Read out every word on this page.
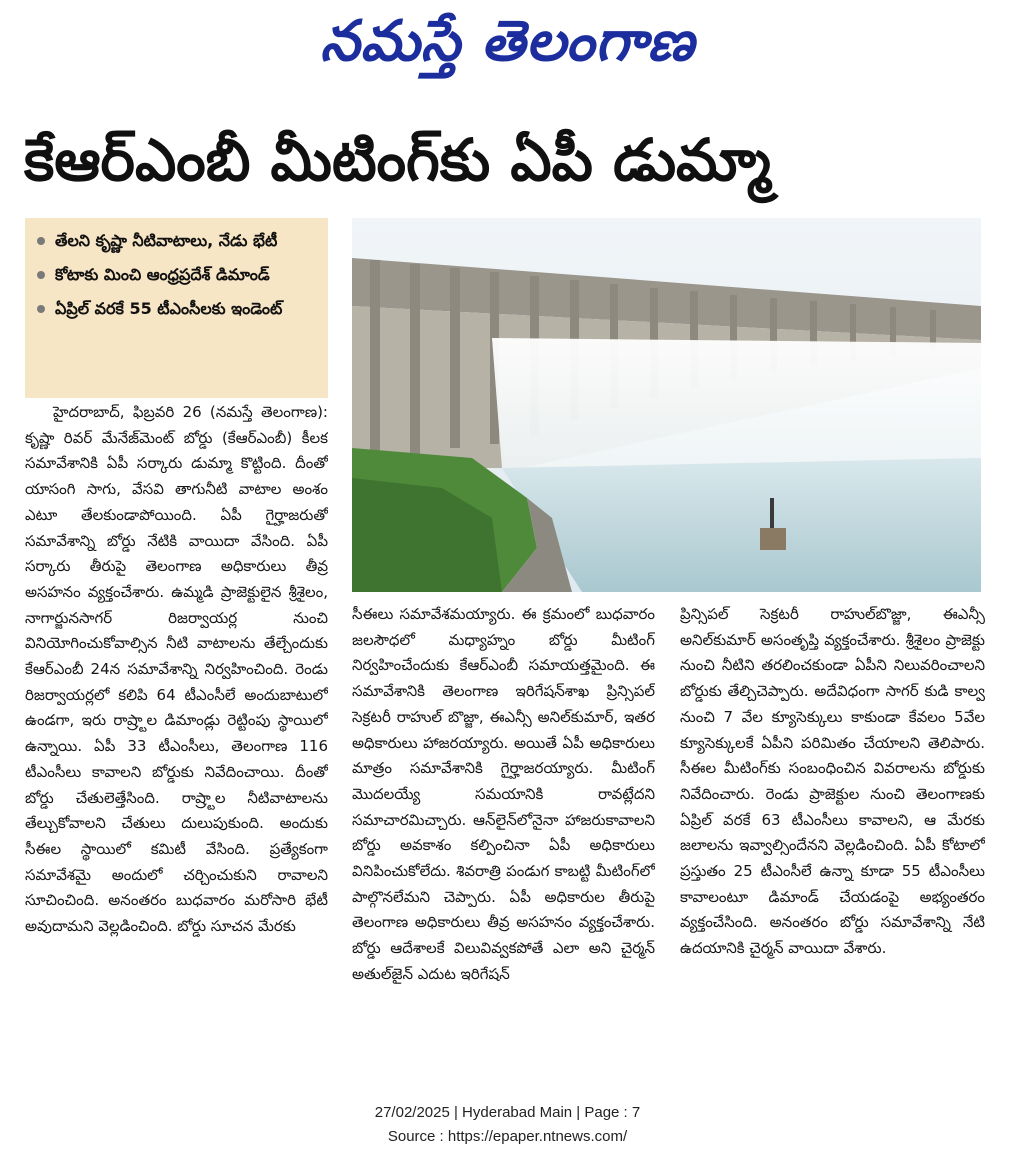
నమస్తే తెలంగాణ
కేఆర్‌ఎంబీ మీటింగ్‌కు ఏపీ డుమ్మా
తేలని కృష్ణా నీటివాటాలు, నేడు భేటీ
కోటాకు మించి ఆంధ్రప్రదేశ్ డిమాండ్
ఏప్రిల్ వరకే 55 టీఎంసీలకు ఇండెంట్

హైదరాబాద్, ఫిబ్రవరి 26 (నమస్తే తెలంగాణ): కృష్ణా రివర్ మేనేజ్‌మెంట్ బోర్డు (కేఆర్‌ఎంబీ) కీలక సమావేశానికి ఏపీ సర్కారు డుమ్మా కొట్టింది. దీంతో యాసంగి సాగు, వేసవి తాగునీటి వాటాల అంశం ఎటూ తేలకుండాపోయింది. ఏపీ గైర్హాజరుతో సమావేశాన్ని బోర్డు నేటికి వాయిదా వేసింది. ఏపీ సర్కారు తీరుపై తెలంగాణ అధికారులు తీవ్ర అసహనం వ్యక్తంచేశారు. ఉమ్మడి ప్రాజెక్టులైన శ్రీశైలం, నాగార్జునసాగర్ రిజర్వాయర్ల నుంచి వినియోగించుకోవాల్సిన నీటి వాటాలను తేల్చేందుకు కేఆర్‌ఎంబీ 24న సమావేశాన్ని నిర్వహించింది. రెండు రిజర్వాయర్లలో కలిపి 64 టీఎంసీలే అందుబాటులో ఉండగా, ఇరు రాష్ర్టాల డిమాండ్లు రెట్టింపు స్థాయిలో ఉన్నాయి. ఏపీ 33 టీఎంసీలు, తెలంగాణ 116 టీఎంసీలు కావాలని బోర్డుకు నివేదించాయి. దీంతో బోర్డు చేతులెత్తేసింది. రాష్ర్టాల నీటివాటాలను తేల్చుకోవాలని చేతులు దులుపుకుంది. అందుకు సీఈల స్థాయిలో కమిటీ వేసింది. ప్రత్యేకంగా సమావేశమై అందులో చర్చించుకుని రావాలని సూచించింది. అనంతరం బుధవారం మరోసారి భేటీ అవుదామని వెల్లడించింది. బోర్డు సూచన మేరకు

సీఈలు సమావేశమయ్యారు. ఈ క్రమంలో బుధవారం జలసౌధలో మధ్యాహ్నం బోర్డు మీటింగ్ నిర్వహించేందుకు కేఆర్‌ఎంబీ సమాయత్తమైంది. ఈ సమావేశానికి తెలంగాణ ఇరిగేషన్‌శాఖ ప్రిన్సిపల్ సెక్రటరీ రాహుల్ బొజ్జా, ఈఎన్సీ అనిల్‌కుమార్, ఇతర అధికారులు హాజరయ్యారు. అయితే ఏపీ అధికారులు మాత్రం సమావేశానికి గైర్హాజరయ్యారు. మీటింగ్ మొదలయ్యే సమయానికి రావట్లేదని సమాచారమిచ్చారు. ఆన్‌లైన్‌లోనైనా హాజరుకావాలని బోర్డు అవకాశం కల్పించినా ఏపీ అధికారులు వినిపించుకోలేదు. శివరాత్రి పండుగ కాబట్టి మీటింగ్‌లో పాల్గొనలేమని చెప్పారు. ఏపీ అధికారుల తీరుపై తెలంగాణ అధికారులు తీవ్ర అసహనం వ్యక్తంచేశారు. బోర్డు ఆదేశాలకే విలువివ్వకపోతే ఎలా అని చైర్మన్ అతుల్‌జైన్ ఎదుట ఇరిగేషన్

ప్రిన్సిపల్ సెక్రటరీ రాహుల్‌బొజ్జా, ఈఎన్సీ అనిల్‌కుమార్ అసంతృప్తి వ్యక్తంచేశారు. శ్రీశైలం ప్రాజెక్టు నుంచి నీటిని తరలించకుండా ఏపీని నిలువరించాలని బోర్డుకు తేల్చిచెప్పారు. అదేవిధంగా సాగర్ కుడి కాల్వ నుంచి 7 వేల క్యూసెక్కులు కాకుండా కేవలం 5వేల క్యూసెక్కులకే ఏపీని పరిమితం చేయాలని తెలిపారు. సీఈల మీటింగ్‌కు సంబంధించిన వివరాలను బోర్డుకు నివేదించారు. రెండు ప్రాజెక్టుల నుంచి తెలంగాణకు ఏప్రిల్ వరకే 63 టీఎంసీలు కావాలని, ఆ మేరకు జలాలను ఇవ్వాల్సిందేనని వెల్లడించింది. ఏపీ కోటాలో ప్రస్తుతం 25 టీఎంసీలే ఉన్నా కూడా 55 టీఎంసీలు కావాలంటూ డిమాండ్ చేయడంపై అభ్యంతరం వ్యక్తంచేసింది. అనంతరం బోర్డు సమావేశాన్ని నేటి ఉదయానికి చైర్మన్ వాయిదా వేశారు.

27/02/2025 | Hyderabad Main | Page : 7
Source : https://epaper.ntnews.com/
